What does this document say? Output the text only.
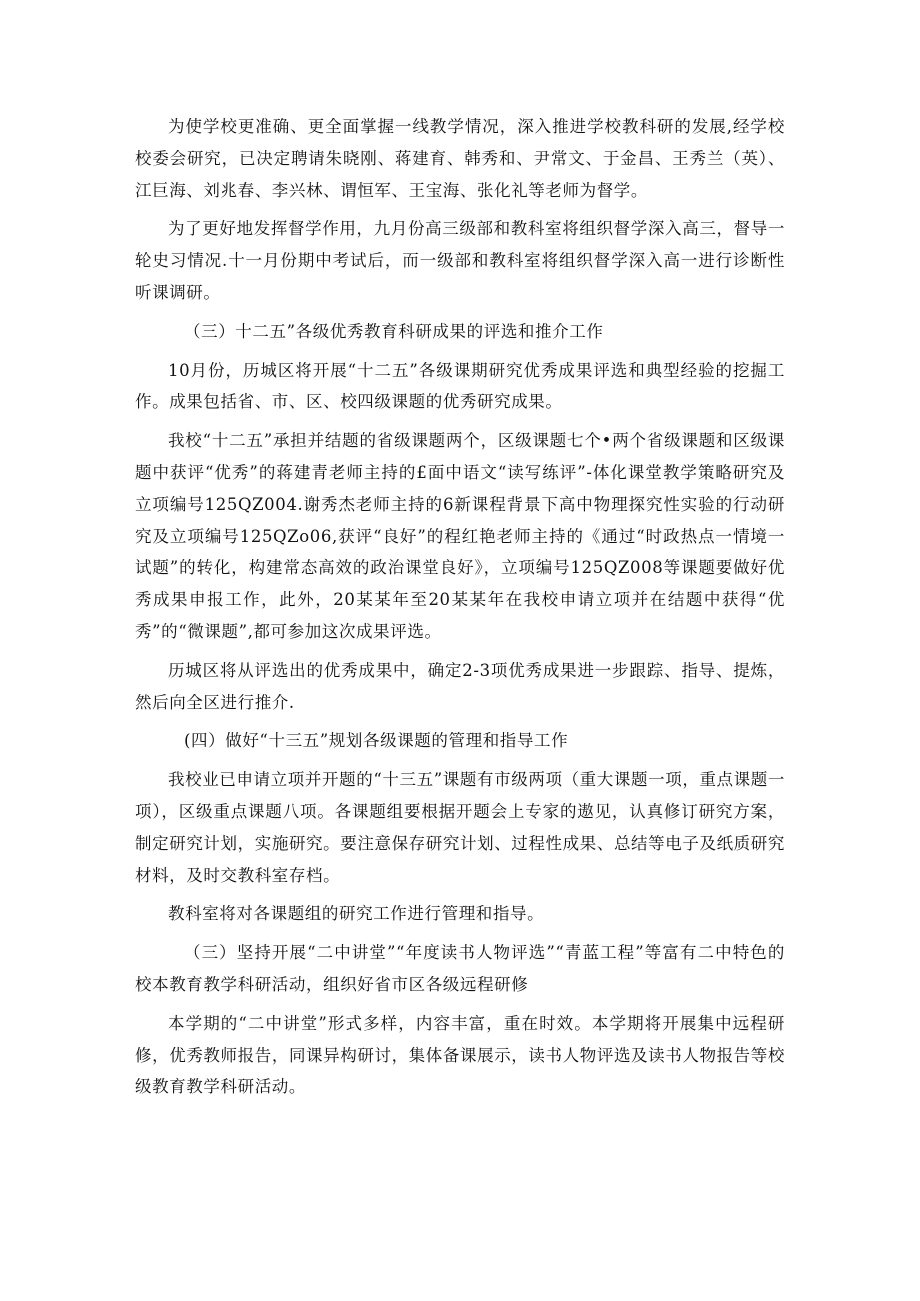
为使学校更准确、更全面掌握一线教学情况，深入推进学校教科研的发展,经学校校委会研究，已决定聘请朱晓刚、蒋建育、韩秀和、尹常文、于金昌、王秀兰（英）、江巨海、刘兆春、李兴林、谓恒军、王宝海、张化礼等老师为督学。

为了更好地发挥督学作用，九月份高三级部和教科室将组织督学深入高三，督导一轮史习情况.十一月份期中考试后，而一级部和教科室将组织督学深入高一进行诊断性听课调研。

（三）十二五”各级优秀教育科研成果的评选和推介工作

10月份，历城区将开展“十二五”各级课期研究优秀成果评选和典型经验的挖掘工作。成果包括省、市、区、校四级课题的优秀研究成果。

我校“十二五”承担并结题的省级课题两个，区级课题七个•两个省级课题和区级课题中获评“优秀”的蒋建青老师主持的£面中语文“读写练评”-体化课堂教学策略研究及立项编号125QZ004.谢秀杰老师主持的6新课程背景下高中物理探究性实验的行动研究及立项编号125QZo06,获评“良好”的程红艳老师主持的《通过“时政热点一情境一试题”的转化，构建常态高效的政治课堂良好》，立项编号125QZ008等课题要做好优秀成果申报工作，此外，20某某年至20某某年在我校申请立项并在结题中获得“优秀”的“微课题”,都可参加这次成果评选。

历城区将从评选出的优秀成果中，确定2-3项优秀成果进一步跟踪、指导、提炼，然后向全区进行推介.

(四）做好“十三五”规划各级课题的管理和指导工作

我校业已申请立项并开题的“十三五”课题有市级两项（重大课题一项，重点课题一项），区级重点课题八项。各课题组要根据开题会上专家的遨见，认真修订研究方案，制定研究计划，实施研究。要注意保存研究计划、过程性成果、总结等电子及纸质研究材料，及时交教科室存档。

教科室将对各课题组的研究工作进行管理和指导。

（三）坚持开展“二中讲堂”“年度读书人物评选”“青蓝工程”等富有二中特色的校本教育教学科研活动，组织好省市区各级远程研修

本学期的“二中讲堂”形式多样，内容丰富，重在时效。本学期将开展集中远程研修，优秀教师报告，同课异构研讨，集体备课展示，读书人物评选及读书人物报告等校级教育教学科研活动。
